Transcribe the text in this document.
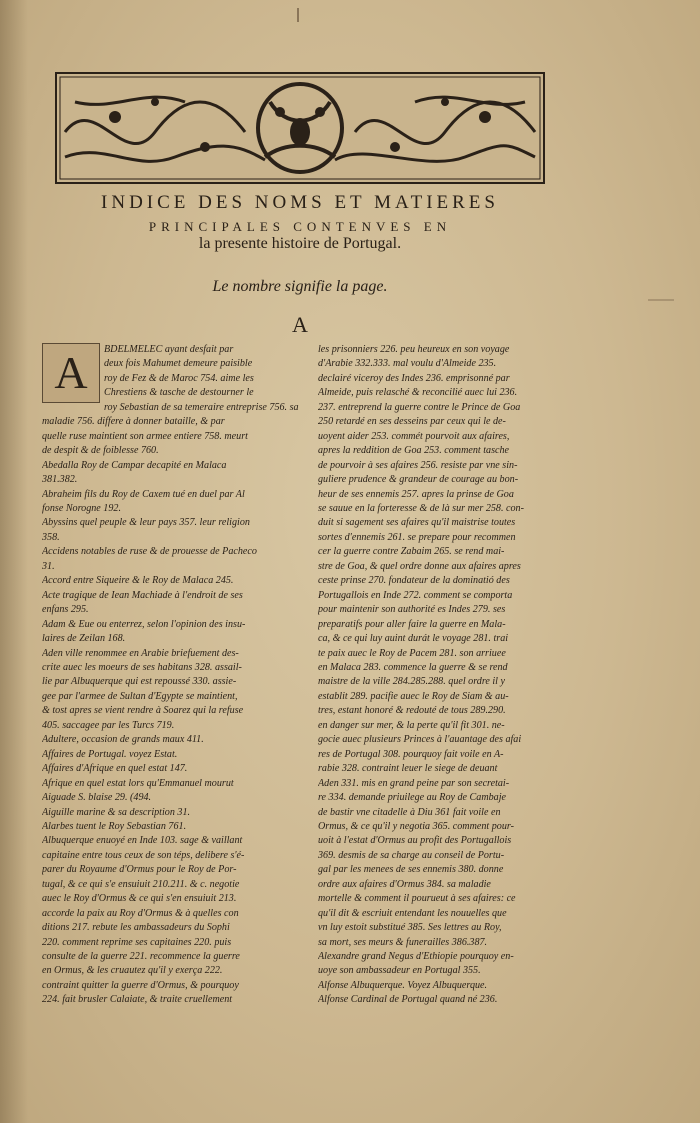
INDICE DES NOMS ET MATIERES
PRINCIPALES CONTENVES EN
la presente histoire de Portugal.
Le nombre signifie la page.
A
A	BDELMELEC ayant desfait par
deux fois Mahumet demeure paisible
roy de Fez & de Maroc 754. aime les
Chrestiens & tasche de destourner le
roy Sebastian de sa temeraire entreprise 756. sa
maladie 756. differe à donner bataille, & par
quelle ruse maintient son armee entiere 758. meurt
de despit & de foiblesse 760.
Abedalla Roy de Campar decapité en Malaca
381.382.
Abraheim fils du Roy de Caxem tué en duel par Al
fonse Norogne 192.
Abyssins quel peuple & leur pays 357. leur religion
358.
Accidens notables de ruse & de prouesse de Pacheco
31.
Accord entre Siqueire & le Roy de Malaca 245.
Acte tragique de Iean Machiade à l'endroit de ses
enfans 295.
Adam & Eue ou enterrez, selon l'opinion des insu-
laires de Zeilan 168.
Aden ville renommee en Arabie briefuement des-
crite auec les moeurs de ses habitans 328. assail-
lie par Albuquerque qui est repoussé 330. assie-
gee par l'armee de Sultan d'Egypte se maintient,
& tost apres se vient rendre à Soarez qui la refuse
405. saccagee par les Turcs 719.
Adultere, occasion de grands maux 411.
Affaires de Portugal. voyez Estat.
Affaires d'Afrique en quel estat 147.
Afrique en quel estat lors qu'Emmanuel mourut
Aiguade S. blaise 29. (494.
Aiguille marine & sa description 31.
Alarbes tuent le Roy Sebastian 761.
Albuquerque enuoyé en Inde 103. sage & vaillant
capitaine entre tous ceux de son téps, delibere s'é-
parer du Royaume d'Ormus pour le Roy de Por-
tugal, & ce qui s'e ensuiuit 210.211. & c. negotie
auec le Roy d'Ormus & ce qui s'en ensuiuit 213.
accorde la paix au Roy d'Ormus & à quelles con
ditions 217. rebute les ambassadeurs du Sophi
220. comment reprime ses capitaines 220. puis
consulte de la guerre 221. recommence la guerre
en Ormus, & les cruautez qu'il y exerça 222.
contraint quitter la guerre d'Ormus, & pourquoy
224. fait brusler Calaiate, & traite cruellement
les prisonniers 226. peu heureux en son voyage
d'Arabie 332.333. mal voulu d'Almeide 235.
declairé viceroy des Indes 236. emprisonné par
Almeide, puis relasché & reconcilié auec lui 236.
237. entreprend la guerre contre le Prince de Goa
250 retardé en ses desseins par ceux qui le de-
uoyent aider 253. commét pourvoit aux afaires,
apres la reddition de Goa 253. comment tasche
de pourvoir à ses afaires 256. resiste par vne sin-
guliere prudence & grandeur de courage au bon-
heur de ses ennemis 257. apres la prinse de Goa
se sauue en la forteresse & de là sur mer 258. con-
duit si sagement ses afaires qu'il maistrise toutes
sortes d'ennemis 261. se prepare pour recommen
cer la guerre contre Zabaim 265. se rend mai-
stre de Goa, & quel ordre donne aux afaires apres
ceste prinse 270. fondateur de la dominatió des
Portugallois en Inde 272. comment se comporta
pour maintenir son authorité es Indes 279. ses
preparatifs pour aller faire la guerre en Mala-
ca, & ce qui luy auint durát le voyage 281. trai
te paix auec le Roy de Pacem 281. son arriuee
en Malaca 283. commence la guerre & se rend
maistre de la ville 284.285.288. quel ordre il y
establit 289. pacifie auec le Roy de Siam & au-
tres, estant honoré & redouté de tous 289.290.
en danger sur mer, & la perte qu'il fit 301. ne-
gocie auec plusieurs Princes à l'auantage des afai
res de Portugal 308. pourquoy fait voile en A-
rabie 328. contraint leuer le siege de deuant
Aden 331. mis en grand peine par son secretai-
re 334. demande priuilege au Roy de Cambaje
de bastir vne citadelle à Diu 361 fait voile en
Ormus, & ce qu'il y negotia 365. comment pour-
uoit à l'estat d'Ormus au profit des Portugallois
369. desmis de sa charge au conseil de Portu-
gal par les menees de ses ennemis 380. donne
ordre aux afaires d'Ormus 384. sa maladie
mortelle & comment il pourueut à ses afaires: ce
qu'il dit & escriuit entendant les nouuelles que
vn luy estoit substitué 385. Ses lettres au Roy,
sa mort, ses meurs & funerailles 386.387.
Alexandre grand Negus d'Ethiopie pourquoy en-
uoye son ambassadeur en Portugal 355.
Alfonse Albuquerque. Voyez Albuquerque.
Alfonse Cardinal de Portugal quand né 236.
